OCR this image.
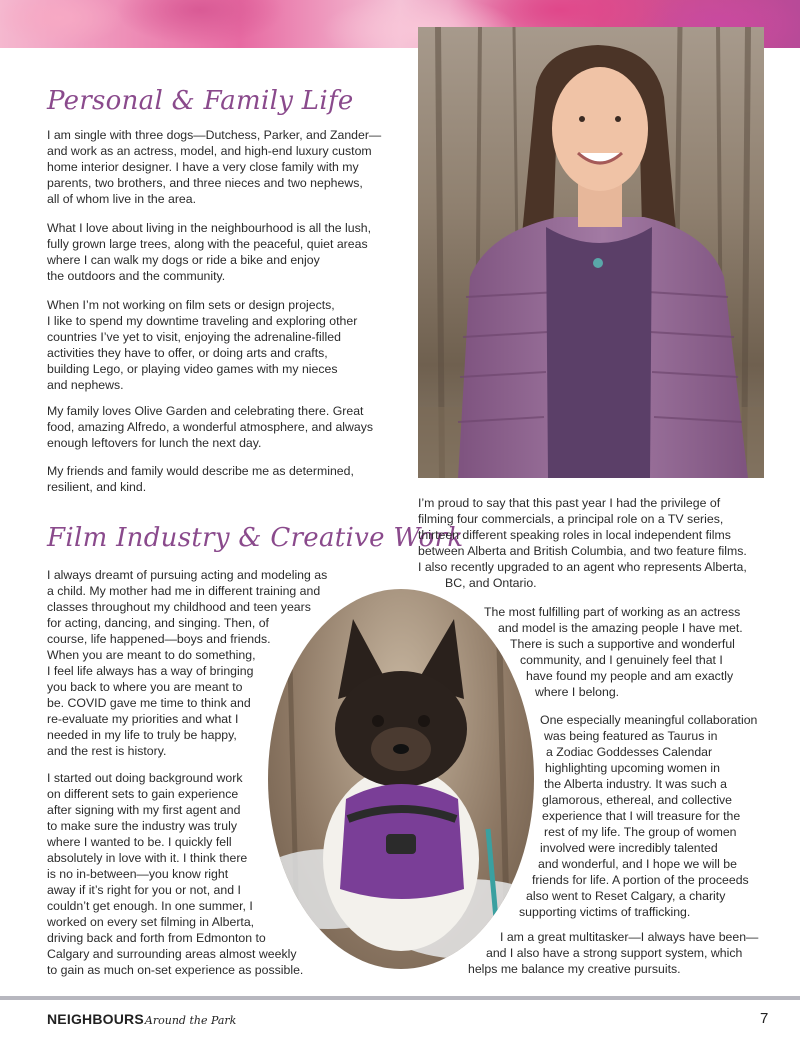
Personal & Family Life

I am single with three dogs—Dutchess, Parker, and Zander—
and work as an actress, model, and high-end luxury custom
home interior designer. I have a very close family with my
parents, two brothers, and three nieces and two nephews,
all of whom live in the area.

What I love about living in the neighbourhood is all the lush,
fully grown large trees, along with the peaceful, quiet areas
where I can walk my dogs or ride a bike and enjoy
the outdoors and the community.

When I’m not working on film sets or design projects,
I like to spend my downtime traveling and exploring other
countries I’ve yet to visit, enjoying the adrenaline-filled
activities they have to offer, or doing arts and crafts,
building Lego, or playing video games with my nieces
and nephews.

My family loves Olive Garden and celebrating there. Great
food, amazing Alfredo, a wonderful atmosphere, and always
enough leftovers for lunch the next day.

My friends and family would describe me as determined,
resilient, and kind.

Film Industry & Creative Work

I always dreamt of pursuing acting and modeling as
a child. My mother had me in different training and
classes throughout my childhood and teen years
for acting, dancing, and singing. Then, of
course, life happened—boys and friends.
When you are meant to do something,
I feel life always has a way of bringing
you back to where you are meant to
be. COVID gave me time to think and
re-evaluate my priorities and what I
needed in my life to truly be happy,
and the rest is history.

I started out doing background work
on different sets to gain experience
after signing with my first agent and
to make sure the industry was truly
where I wanted to be. I quickly fell
absolutely in love with it. I think there
is no in-between—you know right
away if it’s right for you or not, and I
couldn’t get enough. In one summer, I
worked on every set filming in Alberta,
driving back and forth from Edmonton to
Calgary and surrounding areas almost weekly
to gain as much on-set experience as possible.

I’m proud to say that this past year I had the privilege of
filming four commercials, a principal role on a TV series,
thirteen different speaking roles in local independent films
between Alberta and British Columbia, and two feature films.
I also recently upgraded to an agent who represents Alberta,
BC, and Ontario.

The most fulfilling part of working as an actress
and model is the amazing people I have met.
There is such a supportive and wonderful
community, and I genuinely feel that I
have found my people and am exactly
where I belong.

One especially meaningful collaboration
was being featured as Taurus in
a Zodiac Goddesses Calendar
highlighting upcoming women in
the Alberta industry. It was such a
glamorous, ethereal, and collective
experience that I will treasure for the
rest of my life. The group of women
involved were incredibly talented
and wonderful, and I hope we will be
friends for life. A portion of the proceeds
also went to Reset Calgary, a charity
supporting victims of trafficking.

I am a great multitasker—I always have been—
and I also have a strong support system, which
helps me balance my creative pursuits.

NEIGHBOURSAround the Park	7
